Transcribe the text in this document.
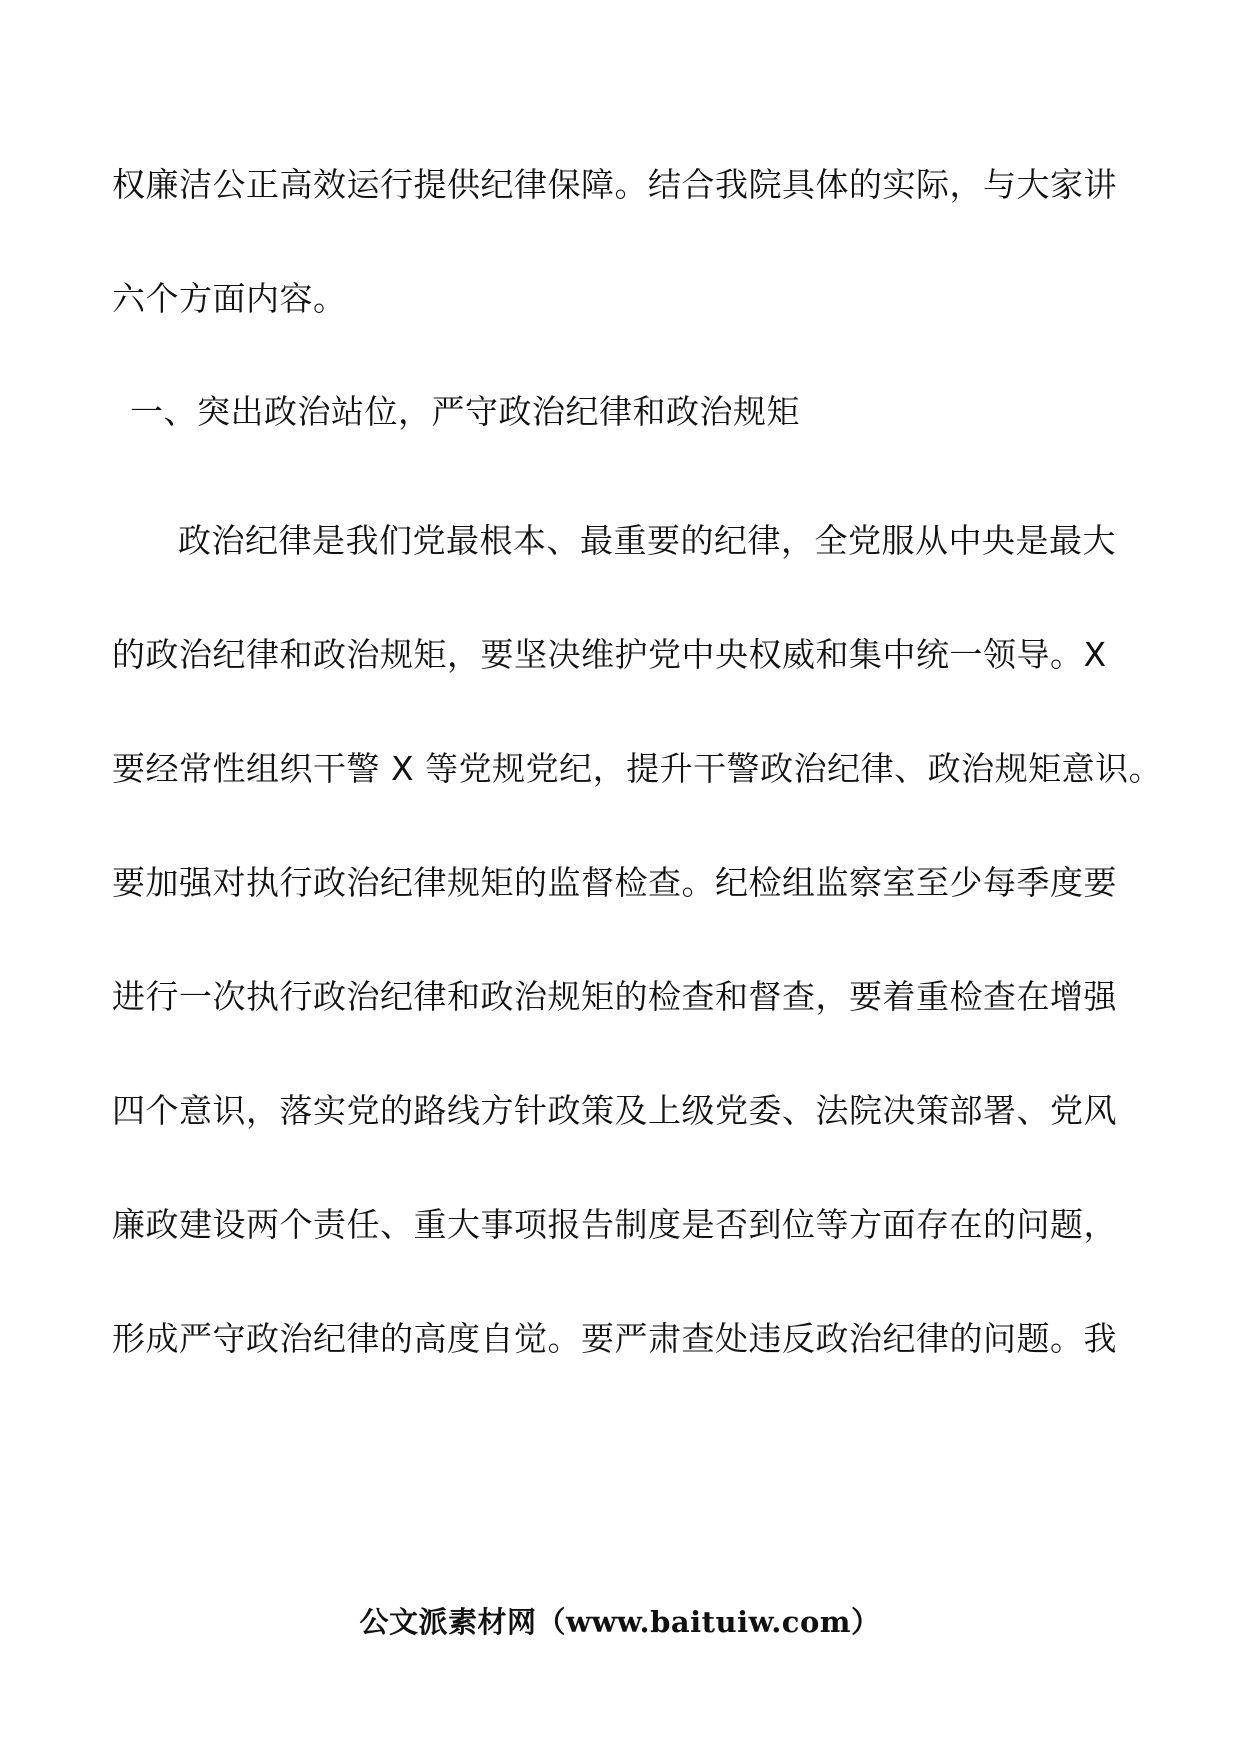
权廉洁公正高效运行提供纪律保障。结合我院具体的实际，与大家讲
六个方面内容。
一、突出政治站位，严守政治纪律和政治规矩
政治纪律是我们党最根本、最重要的纪律，全党服从中央是最大
的政治纪律和政治规矩，要坚决维护党中央权威和集中统一领导。X
要经常性组织干警 X 等党规党纪，提升干警政治纪律、政治规矩意识。
要加强对执行政治纪律规矩的监督检查。纪检组监察室至少每季度要
进行一次执行政治纪律和政治规矩的检查和督查，要着重检查在增强
四个意识，落实党的路线方针政策及上级党委、法院决策部署、党风
廉政建设两个责任、重大事项报告制度是否到位等方面存在的问题，
形成严守政治纪律的高度自觉。要严肃查处违反政治纪律的问题。我
公文派素材网（www.baituiw.com）
